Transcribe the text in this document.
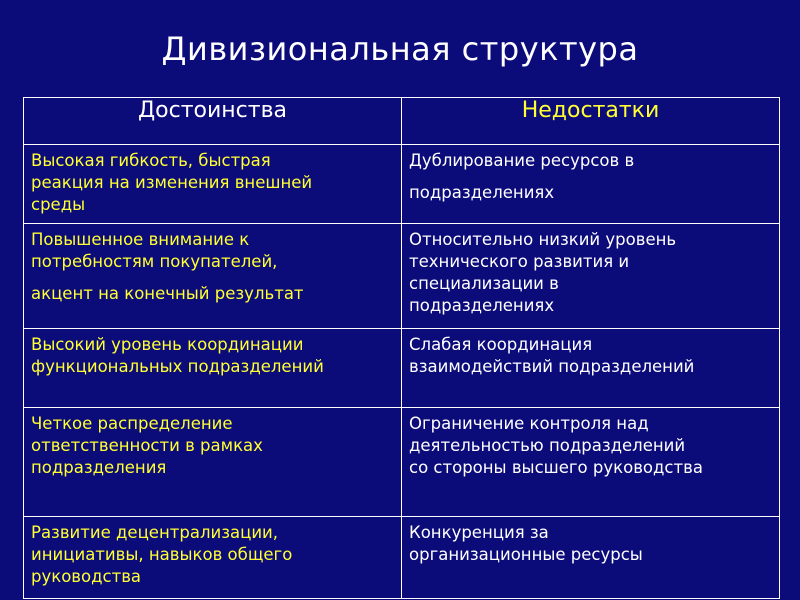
Дивизиональная структура
Достоинства	Недостатки

Высокая гибкость, быстрая
реакция на изменения внешней
среды	Дублирование ресурсов в
подразделениях

Повышенное внимание к
потребностям покупателей,
акцент на конечный результат	Относительно низкий уровень
технического развития и
специализации в
подразделениях

Высокий уровень координации
функциональных подразделений	Слабая координация
взаимодействий подразделений

Четкое распределение
ответственности в рамках
подразделения	Ограничение контроля над
деятельностью подразделений
со стороны высшего руководства

Развитие децентрализации,
инициативы, навыков общего
руководства	Конкуренция за
организационные ресурсы
